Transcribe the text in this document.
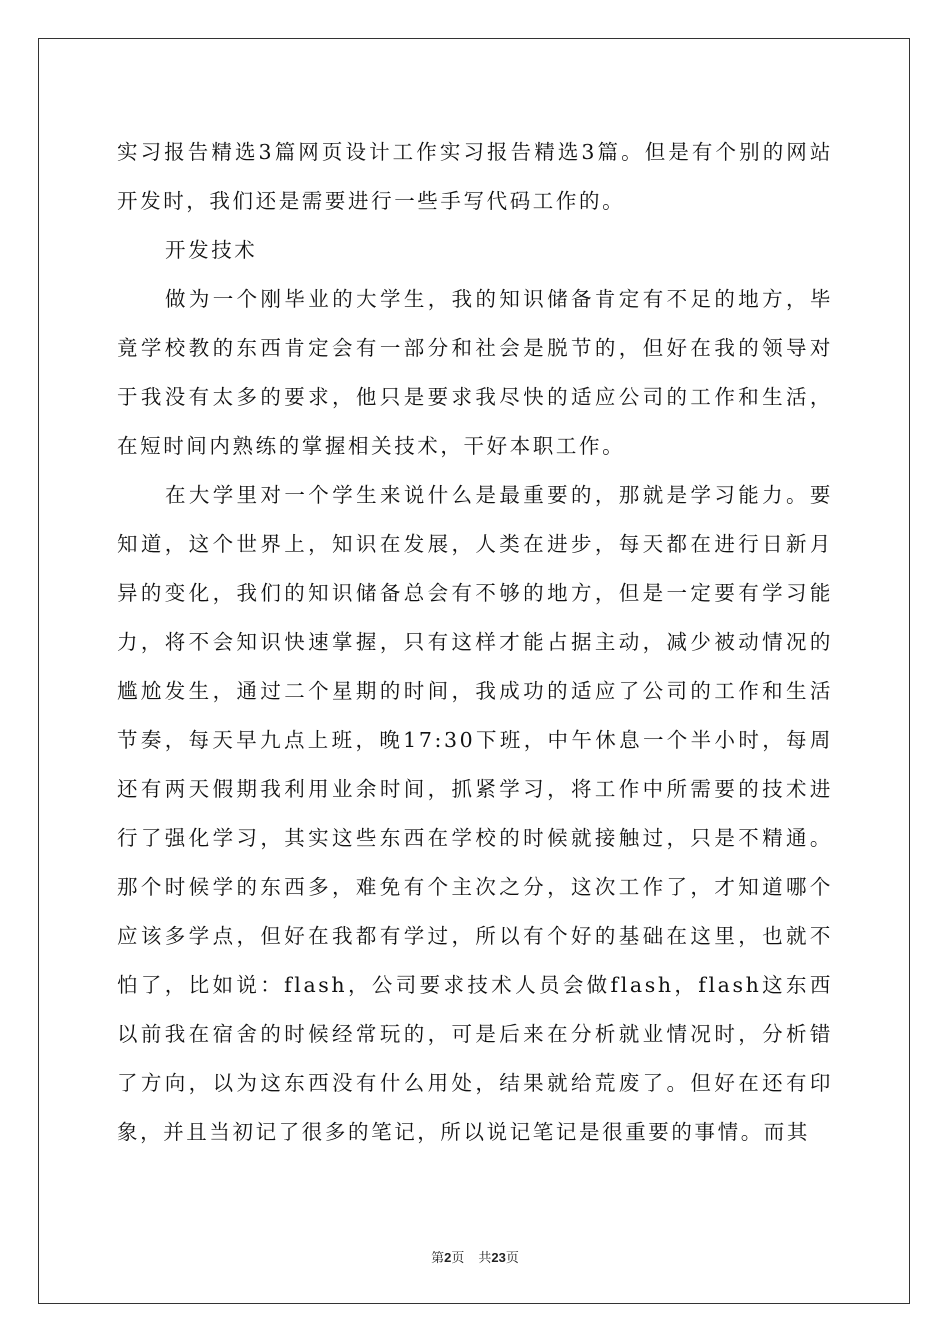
实习报告精选3篇网页设计工作实习报告精选3篇。但是有个别的网站开发时，我们还是需要进行一些手写代码工作的。

开发技术

做为一个刚毕业的大学生，我的知识储备肯定有不足的地方，毕竟学校教的东西肯定会有一部分和社会是脱节的，但好在我的领导对于我没有太多的要求，他只是要求我尽快的适应公司的工作和生活，在短时间内熟练的掌握相关技术，干好本职工作。

在大学里对一个学生来说什么是最重要的，那就是学习能力。要知道，这个世界上，知识在发展，人类在进步，每天都在进行日新月异的变化，我们的知识储备总会有不够的地方，但是一定要有学习能力，将不会知识快速掌握，只有这样才能占据主动，减少被动情况的尴尬发生，通过二个星期的时间，我成功的适应了公司的工作和生活节奏，每天早九点上班，晚17:30下班，中午休息一个半小时，每周还有两天假期我利用业余时间，抓紧学习，将工作中所需要的技术进行了强化学习，其实这些东西在学校的时候就接触过，只是不精通。那个时候学的东西多，难免有个主次之分，这次工作了，才知道哪个应该多学点，但好在我都有学过，所以有个好的基础在这里，也就不怕了，比如说：flash，公司要求技术人员会做flash，flash这东西以前我在宿舍的时候经常玩的，可是后来在分析就业情况时，分析错了方向，以为这东西没有什么用处，结果就给荒废了。但好在还有印象，并且当初记了很多的笔记，所以说记笔记是很重要的事情。而其

第2页 共23页
